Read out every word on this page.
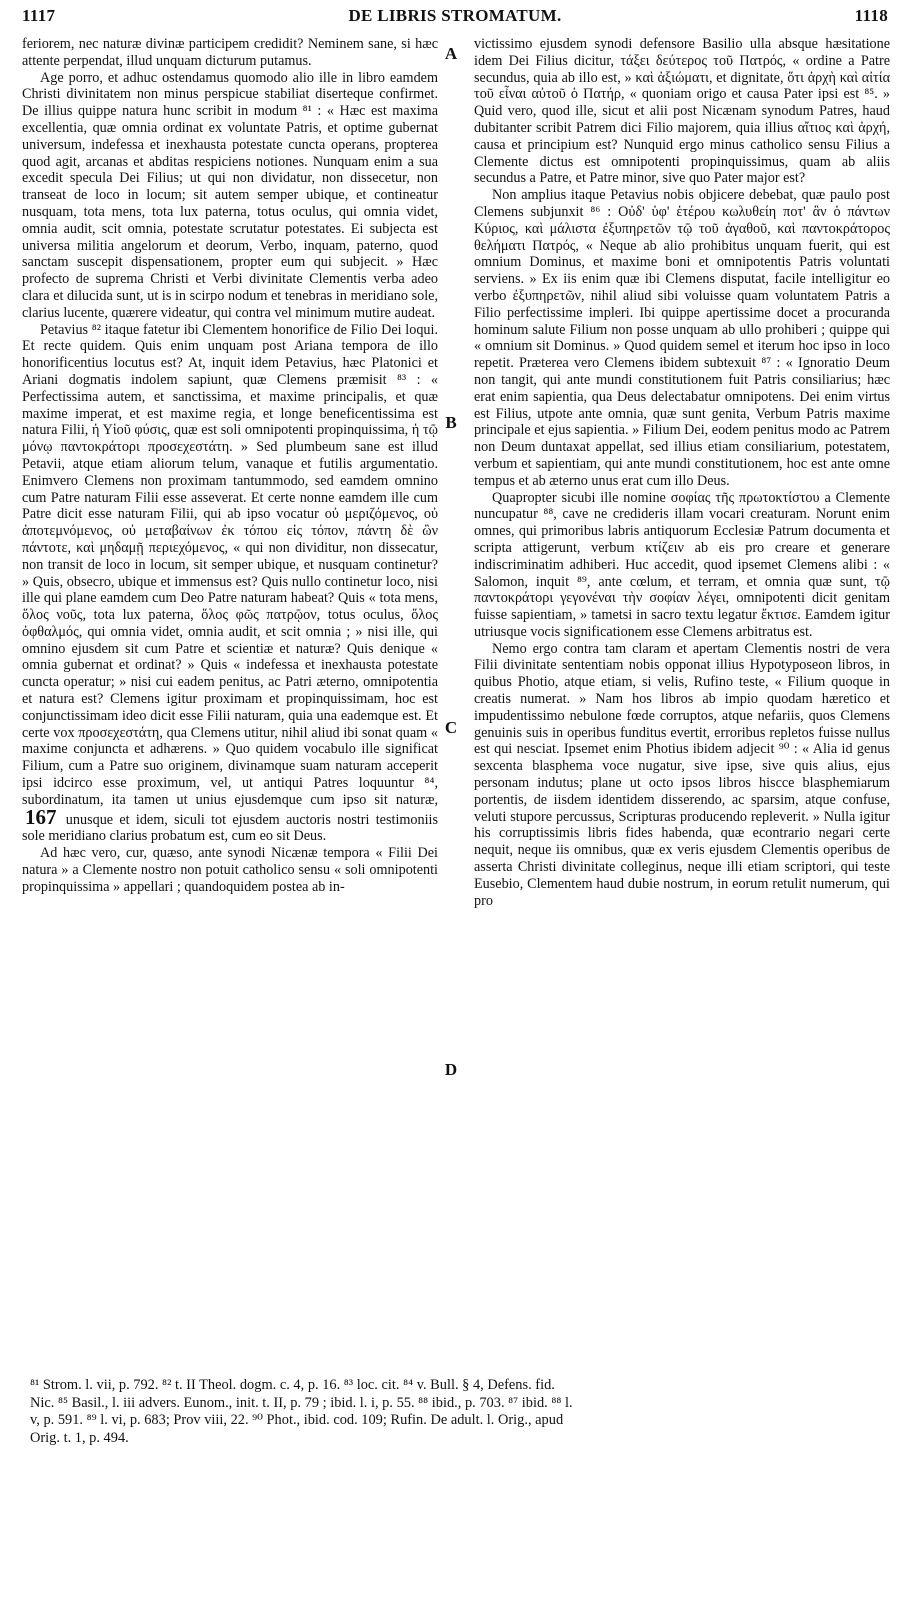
1117	DE LIBRIS STROMATUM.	1118

feriorem, nec naturæ divinæ participem credidit? Neminem sane, si hæc attente perpendat, illud unquam dicturum putamus.

Age porro, et adhuc ostendamus quomodo alio ille in libro eamdem Christi divinitatem non minus perspicue stabiliat diserteque confirmet. De illius quippe natura hunc scribit in modum ⁸¹ : « Hæc est maxima excellentia, quæ omnia ordinat ex voluntate Patris, et optime gubernat universum, indefessa et inexhausta potestate cuncta operans, propterea quod agit, arcanas et abditas respiciens notiones. Nunquam enim a sua excedit specula Dei Filius; ut qui non dividatur, non dissecetur, non transeat de loco in locum; sit autem semper ubique, et contineatur nusquam, tota mens, tota lux paterna, totus oculus, qui omnia videt, omnia audit, scit omnia, potestate scrutatur potestates. Ei subjecta est universa militia angelorum et deorum, Verbo, inquam, paterno, quod sanctam suscepit dispensationem, propter eum qui subjecit. » Hæc profecto de suprema Christi et Verbi divinitate Clementis verba adeo clara et dilucida sunt, ut is in scirpo nodum et tenebras in meridiano sole, clarius lucente, quærere videatur, qui contra vel minimum mutire audeat.

Petavius ⁸² itaque fatetur ibi Clementem honorifice de Filio Dei loqui. Et recte quidem. Quis enim unquam post Ariana tempora de illo honorificentius locutus est? At, inquit idem Petavius, hæc Platonici et Ariani dogmatis indolem sapiunt, quæ Clemens præmisit ⁸³ : « Perfectissima autem, et sanctissima, et maxime principalis, et quæ maxime imperat, et est maxime regia, et longe beneficentissima est natura Filii, ἡ Υἱοῦ φύσις, quæ est soli omnipotenti propinquissima, ἡ τῷ μόνῳ παντοκράτορι προσεχεστάτη. » Sed plumbeum sane est illud Petavii, atque etiam aliorum telum, vanaque et futilis argumentatio. Enimvero Clemens non proximam tantummodo, sed eamdem omnino cum Patre naturam Filii esse asseverat. Et certe nonne eamdem ille cum Patre dicit esse naturam Filii, qui ab ipso vocatur οὐ μεριζόμενος, οὐ ἀποτεμνόμενος, οὐ μεταβαίνων ἐκ τόπου εἰς τόπον, πάντη δὲ ὢν πάντοτε, καὶ μηδαμῇ περιεχόμενος, « qui non dividitur, non dissecatur, non transit de loco in locum, sit semper ubique, et nusquam continetur? » Quis, obsecro, ubique et immensus est? Quis nullo continetur loco, nisi ille qui plane eamdem cum Deo Patre naturam habeat? Quis « tota mens, ὅλος νοῦς, tota lux paterna, ὅλος φῶς πατρῷον, totus oculus, ὅλος ὀφθαλμός, qui omnia videt, omnia audit, et scit omnia ; » nisi ille, qui omnino ejusdem sit cum Patre et scientiæ et naturæ? Quis denique « omnia gubernat et ordinat? » Quis « indefessa et inexhausta potestate cuncta operatur; » nisi cui eadem penitus, ac Patri æterno, omnipotentia et natura est? Clemens igitur proximam et propinquissimam, hoc est conjunctissimam ideo dicit esse Filii naturam, quia una eademque est. Et certe vox προσεχεστάτη, qua Clemens utitur, nihil aliud ibi sonat quam « maxime conjuncta et adhærens. » Quo quidem vocabulo ille significat Filium, cum a Patre suo originem, divinamque suam naturam acceperit ipsi idcirco esse proximum, vel, ut antiqui Patres loquuntur ⁸⁴, subordinatum, ita tamen ut unius ejusdemque cum ipso sit naturæ, 167 unusque et idem, siculi tot ejusdem auctoris nostri testimoniis sole meridiano clarius probatum est, cum eo sit Deus.

Ad hæc vero, cur, quæso, ante synodi Nicænæ tempora « Filii Dei natura » a Clemente nostro non potuit catholico sensu « soli omnipotenti propinquissima » appellari ; quandoquidem postea ab in-

A
B
C
D

victissimo ejusdem synodi defensore Basilio ulla absque hæsitatione idem Dei Filius dicitur, τάξει δεύτερος τοῦ Πατρός, « ordine a Patre secundus, quia ab illo est, » καὶ ἀξιώματι, et dignitate, ὅτι ἀρχὴ καὶ αἰτία τοῦ εἶναι αὐτοῦ ὁ Πατήρ, « quoniam origo et causa Pater ipsi est ⁸⁵. » Quid vero, quod ille, sicut et alii post Nicænam synodum Patres, haud dubitanter scribit Patrem dici Filio majorem, quia illius αἴτιος καὶ ἀρχή, causa et principium est? Nunquid ergo minus catholico sensu Filius a Clemente dictus est omnipotenti propinquissimus, quam ab aliis secundus a Patre, et Patre minor, sive quo Pater major est?

Non amplius itaque Petavius nobis objicere debebat, quæ paulo post Clemens subjunxit ⁸⁶ : Οὐδ' ὑφ' ἑτέρου κωλυθείη ποτ' ἂν ὁ πάντων Κύριος, καὶ μάλιστα ἐξυπηρετῶν τῷ τοῦ ἀγαθοῦ, καὶ παντοκράτορος θελήματι Πατρός, « Neque ab alio prohibitus unquam fuerit, qui est omnium Dominus, et maxime boni et omnipotentis Patris voluntati serviens. » Ex iis enim quæ ibi Clemens disputat, facile intelligitur eo verbo ἐξυπηρετῶν, nihil aliud sibi voluisse quam voluntatem Patris a Filio perfectissime impleri. Ibi quippe apertissime docet a procuranda hominum salute Filium non posse unquam ab ullo prohiberi ; quippe qui « omnium sit Dominus. » Quod quidem semel et iterum hoc ipso in loco repetit. Præterea vero Clemens ibidem subtexuit ⁸⁷ : « Ignoratio Deum non tangit, qui ante mundi constitutionem fuit Patris consiliarius; hæc erat enim sapientia, qua Deus delectabatur omnipotens. Dei enim virtus est Filius, utpote ante omnia, quæ sunt genita, Verbum Patris maxime principale et ejus sapientia. » Filium Dei, eodem penitus modo ac Patrem non Deum duntaxat appellat, sed illius etiam consiliarium, potestatem, verbum et sapientiam, qui ante mundi constitutionem, hoc est ante omne tempus et ab æterno unus erat cum illo Deus.

Quapropter sicubi ille nomine σοφίας τῆς πρωτοκτίστου a Clemente nuncupatur ⁸⁸, cave ne credideris illam vocari creaturam. Norunt enim omnes, qui primoribus labris antiquorum Ecclesiæ Patrum documenta et scripta attigerunt, verbum κτίζειν ab eis pro creare et generare indiscriminatim adhiberi. Huc accedit, quod ipsemet Clemens alibi : « Salomon, inquit ⁸⁹, ante cœlum, et terram, et omnia quæ sunt, τῷ παντοκράτορι γεγονέναι τὴν σοφίαν λέγει, omnipotenti dicit genitam fuisse sapientiam, » tametsi in sacro textu legatur ἔκτισε. Eamdem igitur utriusque vocis significationem esse Clemens arbitratus est.

Nemo ergo contra tam claram et apertam Clementis nostri de vera Filii divinitate sententiam nobis opponat illius Hypotyposeon libros, in quibus Photio, atque etiam, si velis, Rufino teste, « Filium quoque in creatis numerat. » Nam hos libros ab impio quodam hæretico et impudentissimo nebulone fœde corruptos, atque nefariis, quos Clemens genuinis suis in operibus funditus evertit, erroribus repletos fuisse nullus est qui nesciat. Ipsemet enim Photius ibidem adjecit ⁹⁰ : « Alia id genus sexcenta blasphema voce nugatur, sive ipse, sive quis alius, ejus personam indutus; plane ut octo ipsos libros hiscce blasphemiarum portentis, de iisdem identidem disserendo, ac sparsim, atque confuse, veluti stupore percussus, Scripturas producendo repleverit. » Nulla igitur his corruptissimis libris fides habenda, quæ econtrario negari certe nequit, neque iis omnibus, quæ ex veris ejusdem Clementis operibus de asserta Christi divinitate colleginus, neque illi etiam scriptori, qui teste Eusebio, Clementem haud dubie nostrum, in eorum retulit numerum, qui pro

⁸¹ Strom. l. vii, p. 792. ⁸² t. II Theol. dogm. c. 4, p. 16. ⁸³ loc. cit. ⁸⁴ v. Bull. § 4, Defens. fid.
Nic. ⁸⁵ Basil., l. iii advers. Eunom., init. t. II, p. 79 ; ibid. l. i, p. 55. ⁸⁸ ibid., p. 703. ⁸⁷ ibid. ⁸⁸ l.
v, p. 591. ⁸⁹ l. vi, p. 683; Prov viii, 22. ⁹⁰ Phot., ibid. cod. 109; Rufin. De adult. l. Orig., apud
Orig. t. 1, p. 494.
